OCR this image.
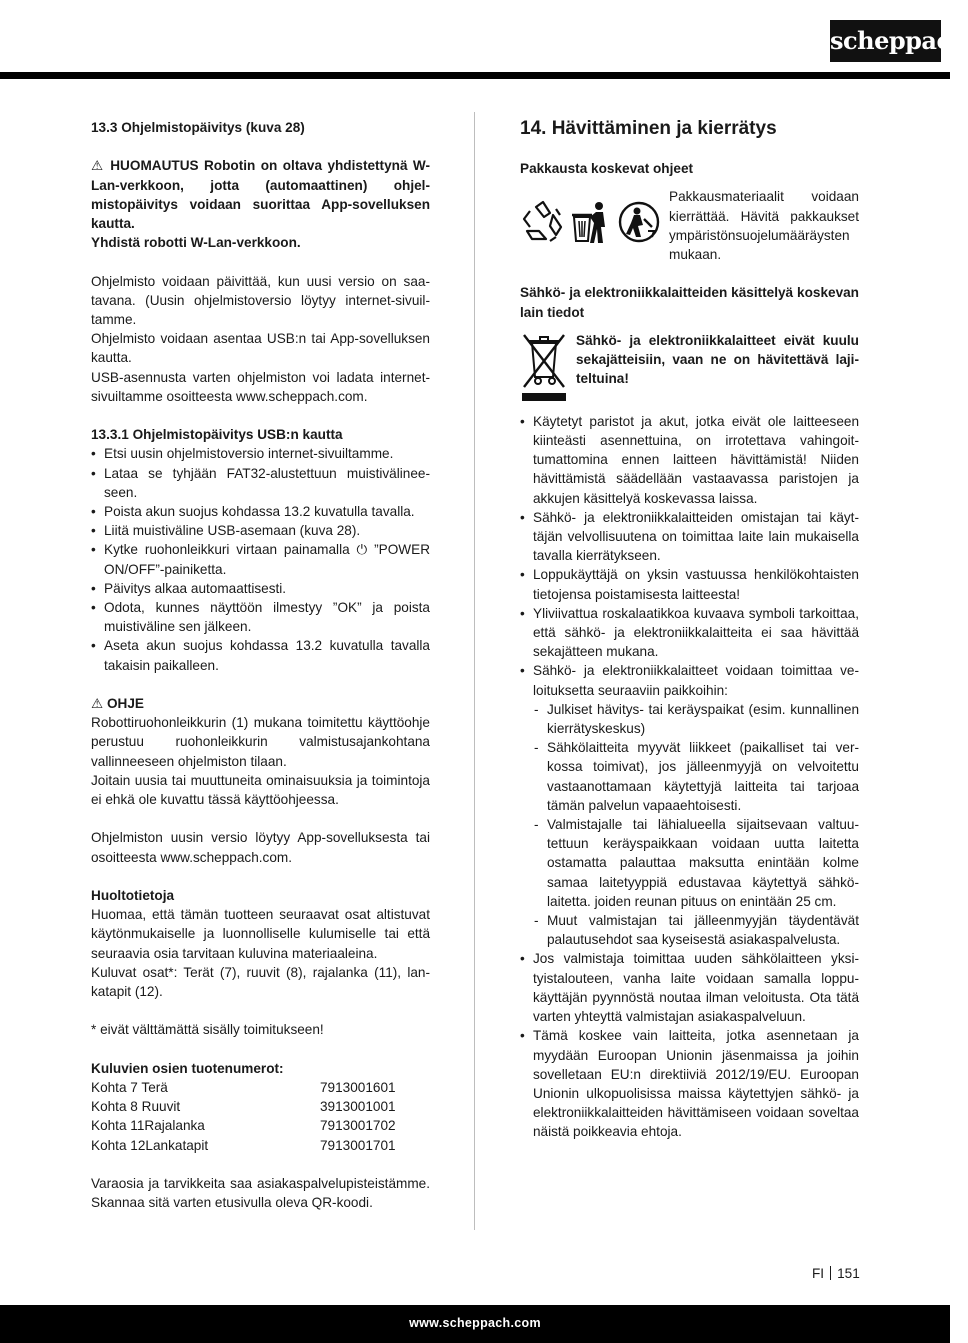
scheppach

13.3 Ohjelmistopäivitys (kuva 28)

⚠ HUOMAUTUS Robotin on oltava yhdistettynä W-Lan-verkkoon, jotta (automaattinen) ohjelmistopäivitys voidaan suorittaa App-sovelluksen kautta.

Yhdistä robotti W-Lan-verkkoon.

Ohjelmisto voidaan päivittää, kun uusi versio on saatavana. (Uusin ohjelmistoversio löytyy internet-sivuiltamme.

Ohjelmisto voidaan asentaa USB:n tai App-sovelluksen kautta.

USB-asennusta varten ohjelmiston voi ladata internet-sivuiltamme osoitteesta www.scheppach.com.

13.3.1 Ohjelmistopäivitys USB:n kautta

• Etsi uusin ohjelmistoversio internet-sivuiltamme.
• Lataa se tyhjään FAT32-alustettuun muistivälineeseen.
• Poista akun suojus kohdassa 13.2 kuvatulla tavalla.
• Liitä muistiväline USB-asemaan (kuva 28).
• Kytke ruohonleikkuri virtaan painamalla ⏻ ”POWER ON/OFF”-painiketta.
• Päivitys alkaa automaattisesti.
• Odota, kunnes näyttöön ilmestyy ”OK” ja poista muistiväline sen jälkeen.
• Aseta akun suojus kohdassa 13.2 kuvatulla tavalla takaisin paikalleen.

⚠ OHJE

Robottiruohonleikkurin (1) mukana toimitettu käyttöohje perustuu ruohonleikkurin valmistusajankohtana vallinneeseen ohjelmiston tilaan.

Joitain uusia tai muuttuneita ominaisuuksia ja toimintoja ei ehkä ole kuvattu tässä käyttöohjeessa.

Ohjelmiston uusin versio löytyy App-sovelluksesta tai osoitteesta www.scheppach.com.

Huoltotietoja

Huomaa, että tämän tuotteen seuraavat osat altistuvat käytönmukaiselle ja luonnolliselle kulumiselle tai että seuraavia osia tarvitaan kuluvina materiaaleina.

Kuluvat osat*: Terät (7), ruuvit (8), rajalanka (11), lankatapit (12).

* eivät välttämättä sisälly toimitukseen!

Kuluvien osien tuotenumerot:

Kohta 7 Terä	7913001601
Kohta 8 Ruuvit	3913001001
Kohta 11Rajalanka	7913001702
Kohta 12Lankatapit	7913001701

Varaosia ja tarvikkeita saa asiakaspalvelupisteistämme. Skannaa sitä varten etusivulla oleva QR-koodi.

14. Hävittäminen ja kierrätys

Pakkausta koskevat ohjeet

Pakkausmateriaalit voidaan kierrättää. Hävitä pakkaukset ympäristönsuojelumääräysten mukaan.

Sähkö- ja elektroniikkalaitteiden käsittelyä koskevan lain tiedot

Sähkö- ja elektroniikkalaitteet eivät kuulu sekajätteisiin, vaan ne on hävitettävä lajiteltuina!

• Käytetyt paristot ja akut, jotka eivät ole laitteeseen kiinteästi asennettuina, on irrotettava vahingoittumattomina ennen laitteen hävittämistä! Niiden hävittämistä säädellään vastaavassa paristojen ja akkujen käsittelyä koskevassa laissa.
• Sähkö- ja elektroniikkalaitteiden omistajan tai käyttäjän velvollisuutena on toimittaa laite lain mukaisella tavalla kierrätykseen.
• Loppukäyttäjä on yksin vastuussa henkilökohtaisten tietojensa poistamisesta laitteesta!
• Yliviivattua roskalaatikkoa kuvaava symboli tarkoittaa, että sähkö- ja elektroniikkalaitteita ei saa hävittää sekajätteen mukana.
• Sähkö- ja elektroniikkalaitteet voidaan toimittaa veloituksetta seuraaviin paikkoihin:
- Julkiset hävitys- tai keräyspaikat (esim. kunnallinen kierrätyskeskus)
- Sähkölaitteita myyvät liikkeet (paikalliset tai verkossa toimivat), jos jälleenmyyjä on velvoitettu vastaanottamaan käytettyjä laitteita tai tarjoaa tämän palvelun vapaaehtoisesti.
- Valmistajalle tai lähialueella sijaitsevaan valtuutettuun keräyspaikkaan voidaan uutta laitetta ostamatta palauttaa maksutta enintään kolme samaa laitetyyppiä edustavaa käytettyä sähkölaitetta. joiden reunan pituus on enintään 25 cm.
- Muut valmistajan tai jälleenmyyjän täydentävät palautusehdot saa kyseisestä asiakaspalvelusta.
• Jos valmistaja toimittaa uuden sähkölaitteen yksityistalouteen, vanha laite voidaan samalla loppukäyttäjän pyynnöstä noutaa ilman veloitusta. Ota tätä varten yhteyttä valmistajan asiakaspalveluun.
• Tämä koskee vain laitteita, jotka asennetaan ja myydään Euroopan Unionin jäsenmaissa ja joihin sovelletaan EU:n direktiiviä 2012/19/EU. Euroopan Unionin ulkopuolisissa maissa käytettyjen sähkö- ja elektroniikkalaitteiden hävittämiseen voidaan soveltaa näistä poikkeavia ehtoja.
FI 151
www.scheppach.com
